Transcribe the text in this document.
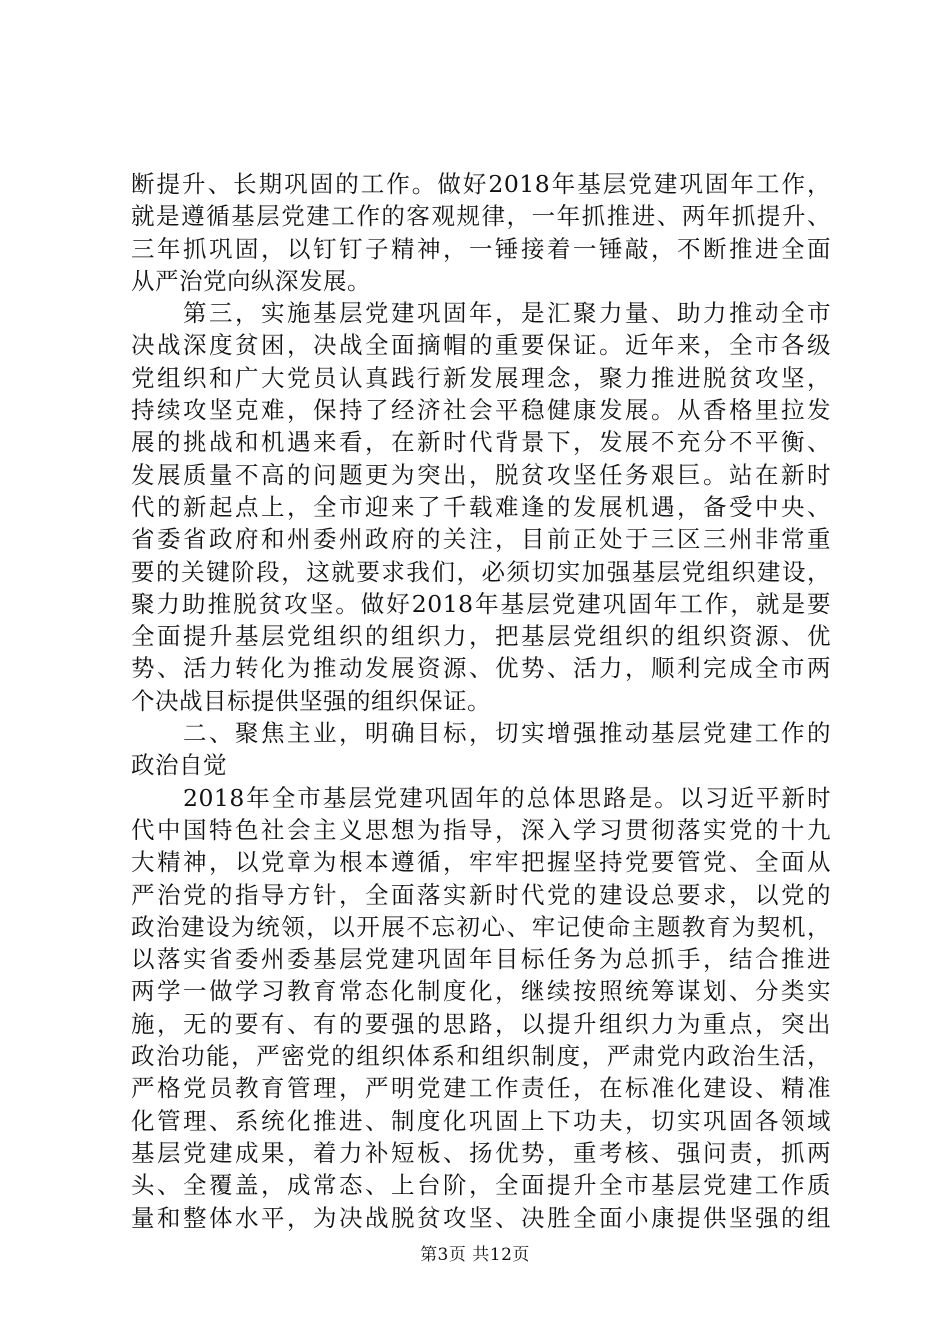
断提升、长期巩固的工作。做好2018年基层党建巩固年工作，
就是遵循基层党建工作的客观规律，一年抓推进、两年抓提升、
三年抓巩固，以钉钉子精神，一锤接着一锤敲，不断推进全面
从严治党向纵深发展。
第三，实施基层党建巩固年，是汇聚力量、助力推动全市
决战深度贫困，决战全面摘帽的重要保证。近年来，全市各级
党组织和广大党员认真践行新发展理念，聚力推进脱贫攻坚，
持续攻坚克难，保持了经济社会平稳健康发展。从香格里拉发
展的挑战和机遇来看，在新时代背景下，发展不充分不平衡、
发展质量不高的问题更为突出，脱贫攻坚任务艰巨。站在新时
代的新起点上，全市迎来了千载难逢的发展机遇，备受中央、
省委省政府和州委州政府的关注，目前正处于三区三州非常重
要的关键阶段，这就要求我们，必须切实加强基层党组织建设，
聚力助推脱贫攻坚。做好2018年基层党建巩固年工作，就是要
全面提升基层党组织的组织力，把基层党组织的组织资源、优
势、活力转化为推动发展资源、优势、活力，顺利完成全市两
个决战目标提供坚强的组织保证。
二、聚焦主业，明确目标，切实增强推动基层党建工作的
政治自觉
2018年全市基层党建巩固年的总体思路是。以习近平新时
代中国特色社会主义思想为指导，深入学习贯彻落实党的十九
大精神，以党章为根本遵循，牢牢把握坚持党要管党、全面从
严治党的指导方针，全面落实新时代党的建设总要求，以党的
政治建设为统领，以开展不忘初心、牢记使命主题教育为契机，
以落实省委州委基层党建巩固年目标任务为总抓手，结合推进
两学一做学习教育常态化制度化，继续按照统筹谋划、分类实
施，无的要有、有的要强的思路，以提升组织力为重点，突出
政治功能，严密党的组织体系和组织制度，严肃党内政治生活，
严格党员教育管理，严明党建工作责任，在标准化建设、精准
化管理、系统化推进、制度化巩固上下功夫，切实巩固各领域
基层党建成果，着力补短板、扬优势，重考核、强问责，抓两
头、全覆盖，成常态、上台阶，全面提升全市基层党建工作质
量和整体水平，为决战脱贫攻坚、决胜全面小康提供坚强的组
第3页 共12页
